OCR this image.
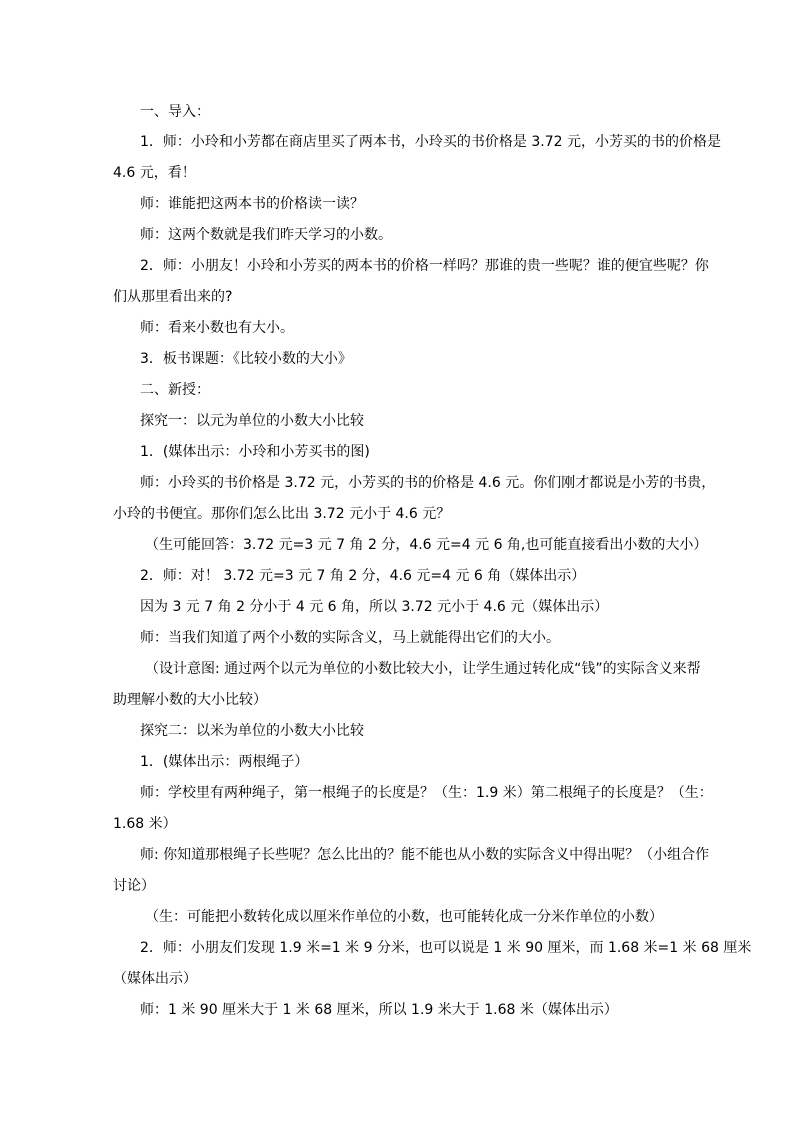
一、导入：
1．师：小玲和小芳都在商店里买了两本书，小玲买的书价格是 3.72 元，小芳买的书的价格是
4.6 元，看！
师：谁能把这两本书的价格读一读？
师：这两个数就是我们昨天学习的小数。
2．师：小朋友！小玲和小芳买的两本书的价格一样吗？那谁的贵一些呢？谁的便宜些呢？你
们从那里看出来的?
师：看来小数也有大小。
3．板书课题：《比较小数的大小》
二、新授：
探究一：以元为单位的小数大小比较
1．(媒体出示：小玲和小芳买书的图)
师：小玲买的书价格是 3.72 元，小芳买的书的价格是 4.6 元。你们刚才都说是小芳的书贵，
小玲的书便宜。那你们怎么比出 3.72 元小于 4.6 元？
（生可能回答：3.72 元=3 元 7 角 2 分，4.6 元=4 元 6 角,也可能直接看出小数的大小）
2．师：对！ 3.72 元=3 元 7 角 2 分，4.6 元=4 元 6 角（媒体出示）
因为 3 元 7 角 2 分小于 4 元 6 角，所以 3.72 元小于 4.6 元（媒体出示）
师：当我们知道了两个小数的实际含义，马上就能得出它们的大小。
（设计意图: 通过两个以元为单位的小数比较大小，让学生通过转化成“钱”的实际含义来帮
助理解小数的大小比较）
探究二：以米为单位的小数大小比较
1．(媒体出示：两根绳子）
师：学校里有两种绳子，第一根绳子的长度是？（生：1.9 米）第二根绳子的长度是？（生：
1.68 米）
师: 你知道那根绳子长些呢？怎么比出的？能不能也从小数的实际含义中得出呢？（小组合作
讨论）
（生：可能把小数转化成以厘米作单位的小数，也可能转化成一分米作单位的小数）
2．师：小朋友们发现 1.9 米=1 米 9 分米，也可以说是 1 米 90 厘米，而 1.68 米=1 米 68 厘米
（媒体出示）
师：1 米 90 厘米大于 1 米 68 厘米，所以 1.9 米大于 1.68 米（媒体出示）
